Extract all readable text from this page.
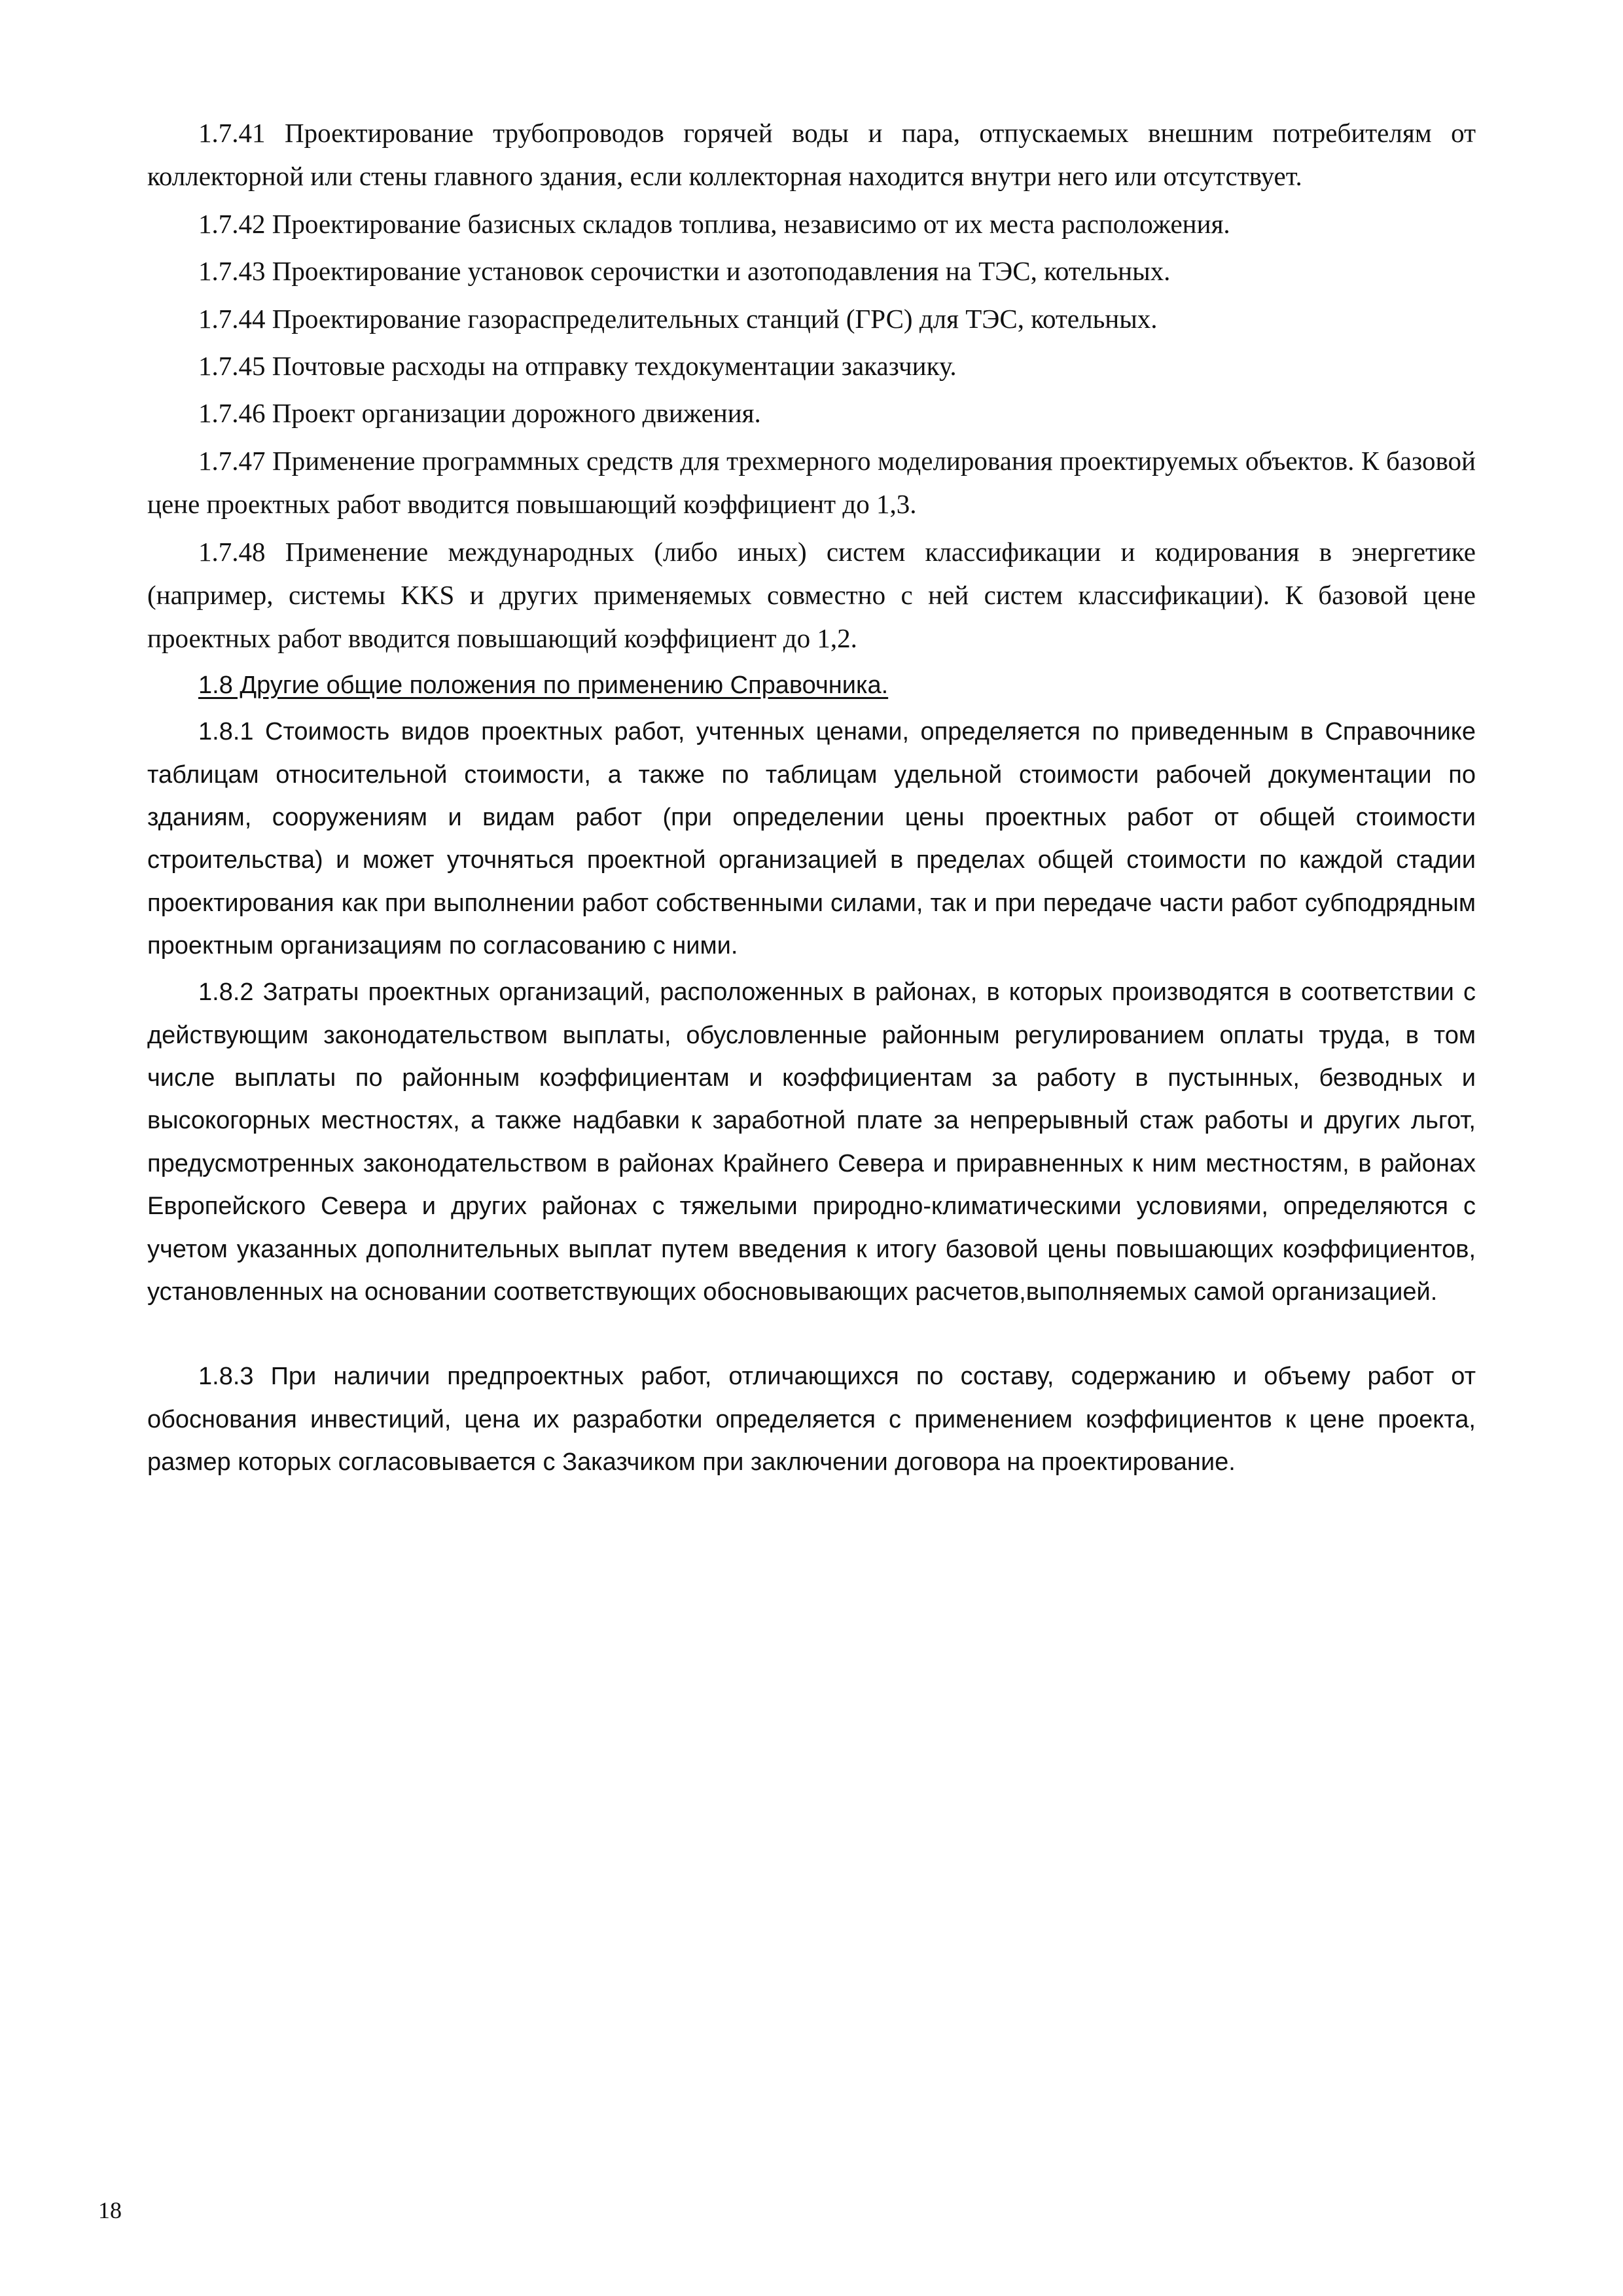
1.7.41 Проектирование трубопроводов горячей воды и пара, отпускаемых внешним потребителям от коллекторной или стены главного здания, если коллекторная находится внутри него или отсутствует.

1.7.42 Проектирование базисных складов топлива, независимо от их места расположения.

1.7.43 Проектирование установок серочистки и азотоподавления на ТЭС, котельных.

1.7.44 Проектирование газораспределительных станций (ГРС) для ТЭС, котельных.

1.7.45 Почтовые расходы на отправку техдокументации заказчику.

1.7.46 Проект организации дорожного движения.

1.7.47 Применение программных средств для трехмерного моделирования проектируемых объектов. К базовой цене проектных работ вводится повышающий коэффициент до 1,3.

1.7.48 Применение международных (либо иных) систем классификации и кодирования в энергетике (например, системы KKS и других применяемых совместно с ней систем классификации). К базовой цене проектных работ вводится повышающий коэффициент до 1,2.

1.8 Другие общие положения по применению Справочника.

1.8.1 Стоимость видов проектных работ, учтенных ценами, определяется по приведенным в Справочнике таблицам относительной стоимости, а также по таблицам удельной стоимости рабочей документации по зданиям, сооружениям и видам работ (при определении цены проектных работ от общей стоимости строительства) и может уточняться проектной организацией в пределах общей стоимости по каждой стадии проектирования как при выполнении работ собственными силами, так и при передаче части работ субподрядным проектным организациям по согласованию с ними.

1.8.2 Затраты проектных организаций, расположенных в районах, в которых производятся в соответствии с действующим законодательством выплаты, обусловленные районным регулированием оплаты труда, в том числе выплаты по районным коэффициентам и коэффициентам за работу в пустынных, безводных и высокогорных местностях, а также надбавки к заработной плате за непрерывный стаж работы и других льгот, предусмотренных законодательством в районах Крайнего Севера и приравненных к ним местностям, в районах Европейского Севера и других районах с тяжелыми природно-климатическими условиями, определяются с учетом указанных дополнительных выплат путем введения к итогу базовой цены повышающих коэффициентов, установленных на основании соответствующих обосновывающих расчетов,выполняемых самой организацией.

1.8.3 При наличии предпроектных работ, отличающихся по составу, содержанию и объему работ от обоснования инвестиций, цена их разработки определяется с применением коэффициентов к цене проекта, размер которых согласовывается с Заказчиком при заключении договора на проектирование.

18
